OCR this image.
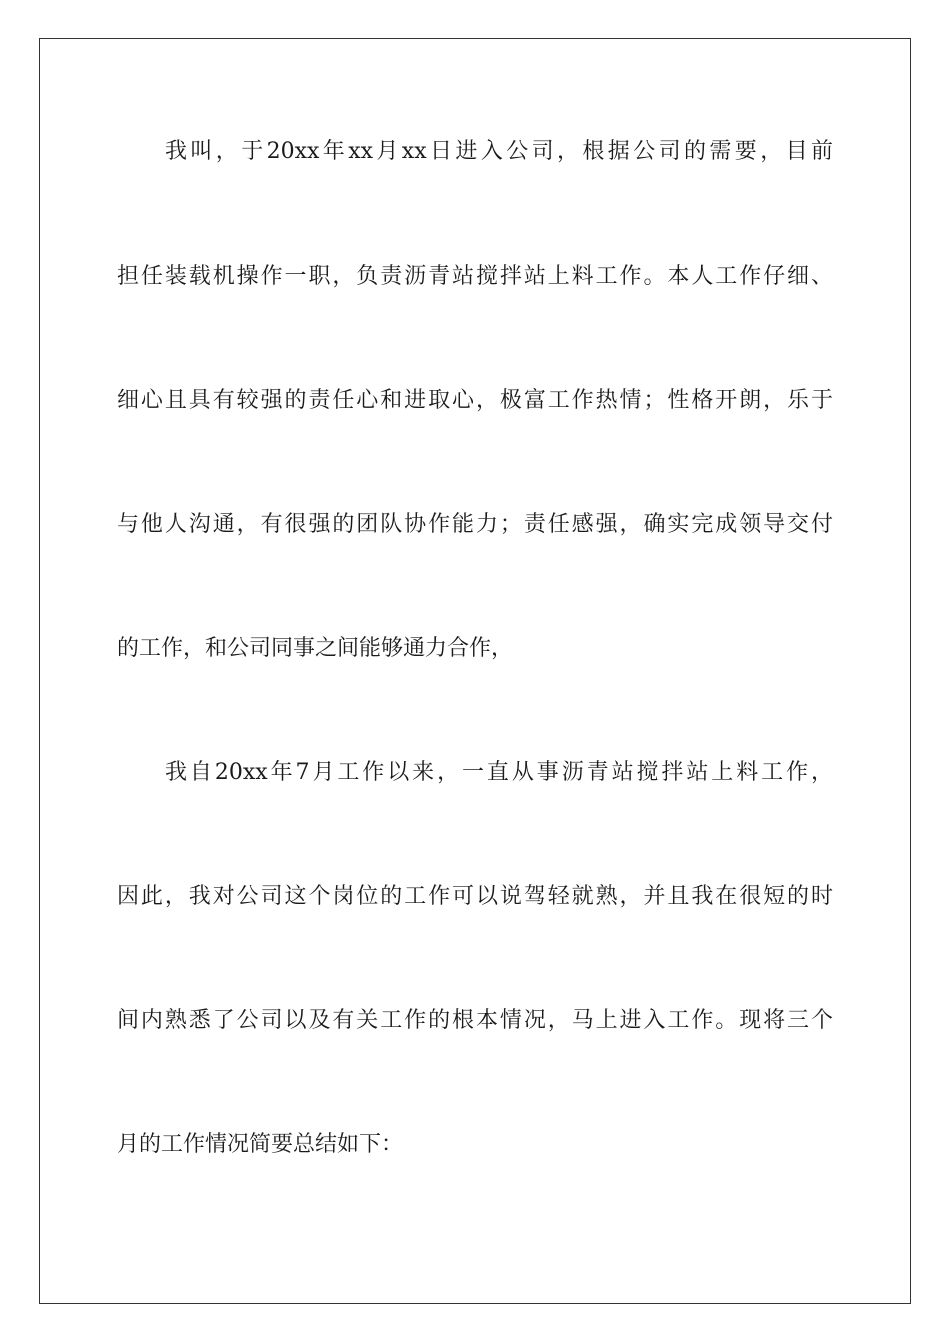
我叫，于20xx年xx月xx日进入公司，根据公司的需要，目前
担任装载机操作一职，负责沥青站搅拌站上料工作。本人工作仔细、
细心且具有较强的责任心和进取心，极富工作热情；性格开朗，乐于
与他人沟通，有很强的团队协作能力；责任感强，确实完成领导交付
的工作，和公司同事之间能够通力合作，
我自20xx年7月工作以来，一直从事沥青站搅拌站上料工作，
因此，我对公司这个岗位的工作可以说驾轻就熟，并且我在很短的时
间内熟悉了公司以及有关工作的根本情况，马上进入工作。现将三个
月的工作情况简要总结如下：
